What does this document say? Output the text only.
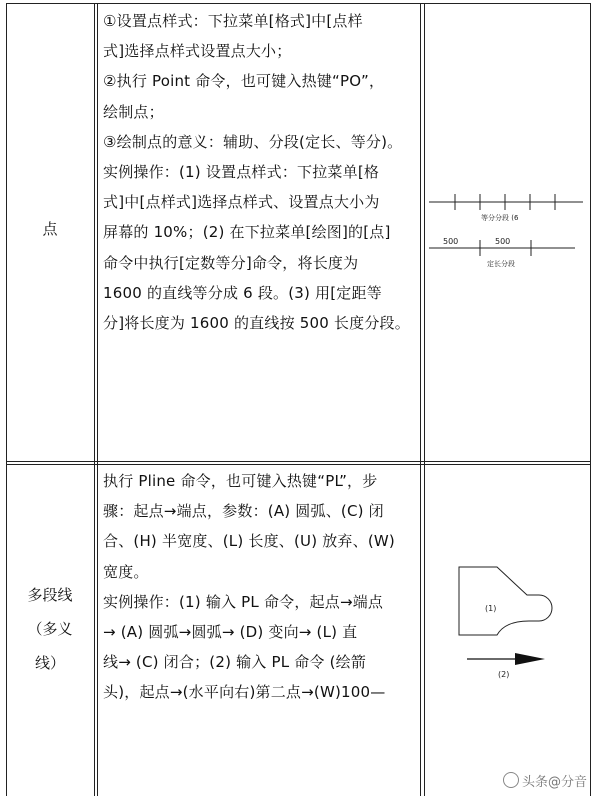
点
①设置点样式：下拉菜单[格式]中[点样
式]选择点样式设置点大小；
②执行 Point 命令，也可键入热键“PO”，
绘制点；
③绘制点的意义：辅助、分段(定长、等分)。
实例操作：(1) 设置点样式：下拉菜单[格
式]中[点样式]选择点样式、设置点大小为
屏幕的 10%；(2) 在下拉菜单[绘图]的[点]
命令中执行[定数等分]命令，将长度为
1600 的直线等分成 6 段。(3) 用[定距等
分]将长度为 1600 的直线按 500 长度分段。
等分分段 (6
500	500
定长分段
多段线
（多义
线）
执行 Pline 命令，也可键入热键“PL”，步
骤：起点→端点，参数：(A) 圆弧、(C) 闭
合、(H) 半宽度、(L) 长度、(U) 放弃、(W)
宽度。
实例操作：(1) 输入 PL 命令，起点→端点
→ (A) 圆弧→圆弧→ (D) 变向→ (L) 直
线→ (C) 闭合；(2) 输入 PL 命令 (绘箭
头)，起点→(水平向右)第二点→(W)100—
(1)
(2)
头条@分音
